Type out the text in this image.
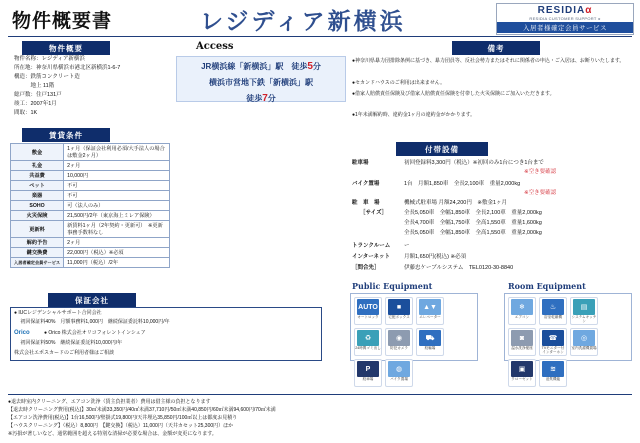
物件概要書	レジディア新横浜	RESIDIAα
RESIDIA CUSTOMER SUPPORT α
入居者様確定会員サービス
Access
JR横浜線「新横浜」駅　徒歩5分
横浜市営地下鉄「新横浜」駅
徒歩7分
物件概要
物件名称：レジディア新横浜
所在地：神奈川県横浜市港北区新横浜1-6-7
構造：鉄筋コンクリート造
　　　地上 11階
総戸数：住戸131戸
竣工：2007年1月
間取：1K
賃貸条件
敷金	1ヶ月（保証会社利用必須/大手法人の場合は敷金2ヶ月）
礼金	2ヶ月
共益費	10,000円
ペット	不可
楽器	不可
SOHO	可（法人のみ）
火災保険	21,500円/2年（東京海上ミレア保険）
更新料	新賃料1ヶ月（2年契約・更新可）　※更新事務手数料なし
解約予告	2ヶ月
鍵交換費	22,000円（税込）※必須
入居者確定会員サービス	11,000円（税込）/2年
保証会社
● IUCレジデンシャルサポート合同会社
　 初回保証料40%　月額事務料1,000円　継続保証委託料10,000円/年
Orico	● Orico 株式会社オリコフォレントインシュア
　 初回保証料50%　継続保証委託料10,000円/年
株式会社エポスカードのご利用者様はご相談
備考
●神奈川県暴力団排除条例に基づき、暴力団員等、反社会勢力またはそれに関係者の申込・ご入居は、お断りいたします。
●セカンドハウスのご利用は出来ません。
●借家人賠償責任保険及び借家人賠償責任保険を付帯した火災保険にご加入いただきます。
●1年未満解約時、違約金1ヶ月の違約金がかかります。
付帯設備
駐車場	初回登録料3,300円（税込）※初回のみ1台につき1台まで
※空き要確認
バイク置場	1台　月額1,850車　全長2,100車　重量2,000kg
※空き要確認
駐　車　場	機械式駐車場 月額24,200円　※敷金1ヶ月
［サイズ］	全長5,050車　全幅1,850車　全長2,100車　重量2,000kg
全長4,700車　全幅1,750車　全高1,550車　重量1,600kg
全長5,050車　全幅1,850車　全高1,550車　重量2,000kg
トランクルーム	ー
インターネット	月額1,650円(税込) ※必須
［問合先］	伊藤忠ケーブルシステム　TEL0120-30-8840
Public Equipment
AUTO
オートロック
■
宅配ボックス
▲▼
エレベーター
♻
24時間ゴミ出し
◉
防犯カメラ
⛟
駐輪場
P
駐車場
◍
バイク置場
Room Equipment
❄
エアコン
♨
浴室乾燥機
▤
システムキッチン
◙
温水洗浄便座
☎
TVモニター付インターホン
◎
室内洗濯機置場
▣
クローゼット
≋
追焚機能
●退去時室内クリーニング、エアコン洗浄（賃主負担業者）費用は借主様の負担となります
【退去時クリーニング費用(税込)】30㎡未満33,350円/40㎡未満37,710円/50㎡未満40,850円/60㎡未満94,600円/70㎡未満
【エアコン洗浄費用(税込)】1台16,500円/壁掛式19,800円/天井埋込35,850円/100㎡以上は都度お見積り
【ハウスクリーニング】（税込）8,800円　【鍵交換】（税込）11,000円（天井カセット25,300円）ほか
※汚損が著しいなど、通常範囲を超える特別な清掃が必要な場合は、金額が変更になります。
